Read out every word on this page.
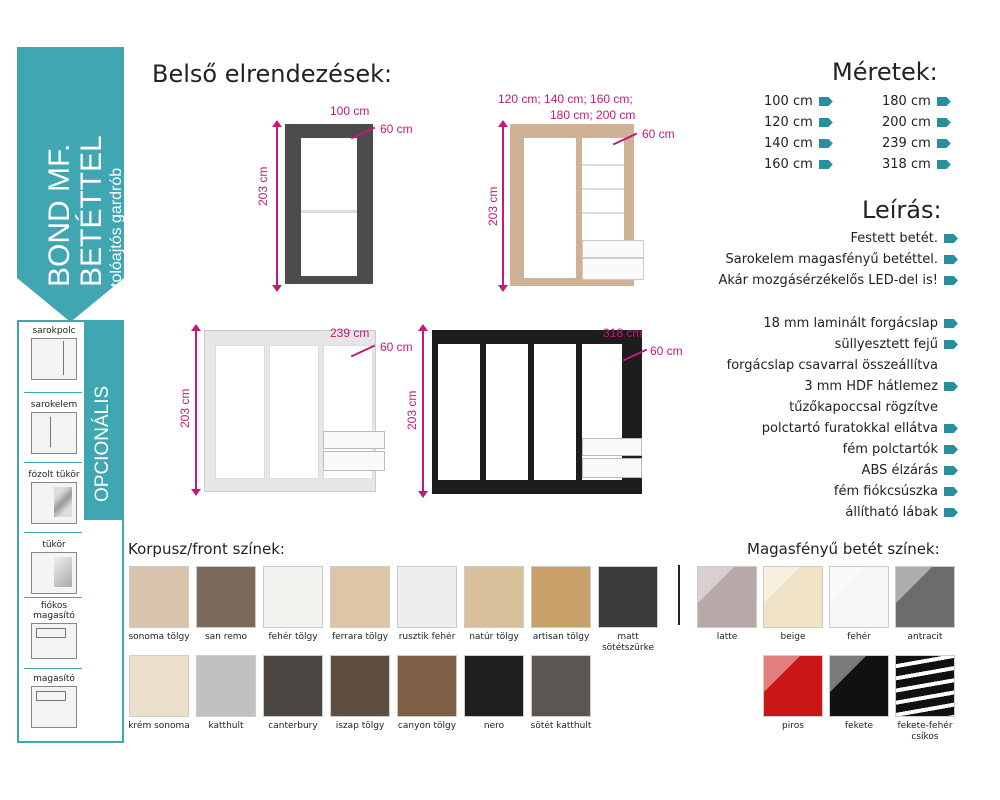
BOND MF. BETÉTTEL tolóajtós gardrób
OPCIONÁLIS
sarokpolc
sarokelem
fózolt tükör
tükör
fiókos magasító
magasító
Belső elrendezések:
100 cm
60 cm
203 cm
120 cm; 140 cm; 160 cm;
180 cm; 200 cm
60 cm
203 cm
239 cm
60 cm
203 cm
318 cm
60 cm
203 cm
Méretek:
100 cm
120 cm
140 cm
160 cm
180 cm
200 cm
239 cm
318 cm
Leírás:
Festett betét.
Sarokelem magasfényű betéttel.
Akár mozgásérzékelős LED-del is!
18 mm laminált forgácslap
süllyesztett fejű
forgácslap csavarral összeállítva
3 mm HDF hátlemez
tűzőkapoccsal rögzítve
polctartó furatokkal ellátva
fém polctartók
ABS élzárás
fém fiókcsúszka
állítható lábak
Korpusz/front színek:
sonoma tölgy	san remo	fehér tölgy	ferrara tölgy	rusztik fehér	natúr tölgy	artisan tölgy	matt sötétszürke
krém sonoma	katthult	canterbury	iszap tölgy	canyon tölgy	nero	sötét katthult
Magasfényű betét színek:
latte	beige	fehér	antracit
piros	fekete	fekete-fehér csíkos
